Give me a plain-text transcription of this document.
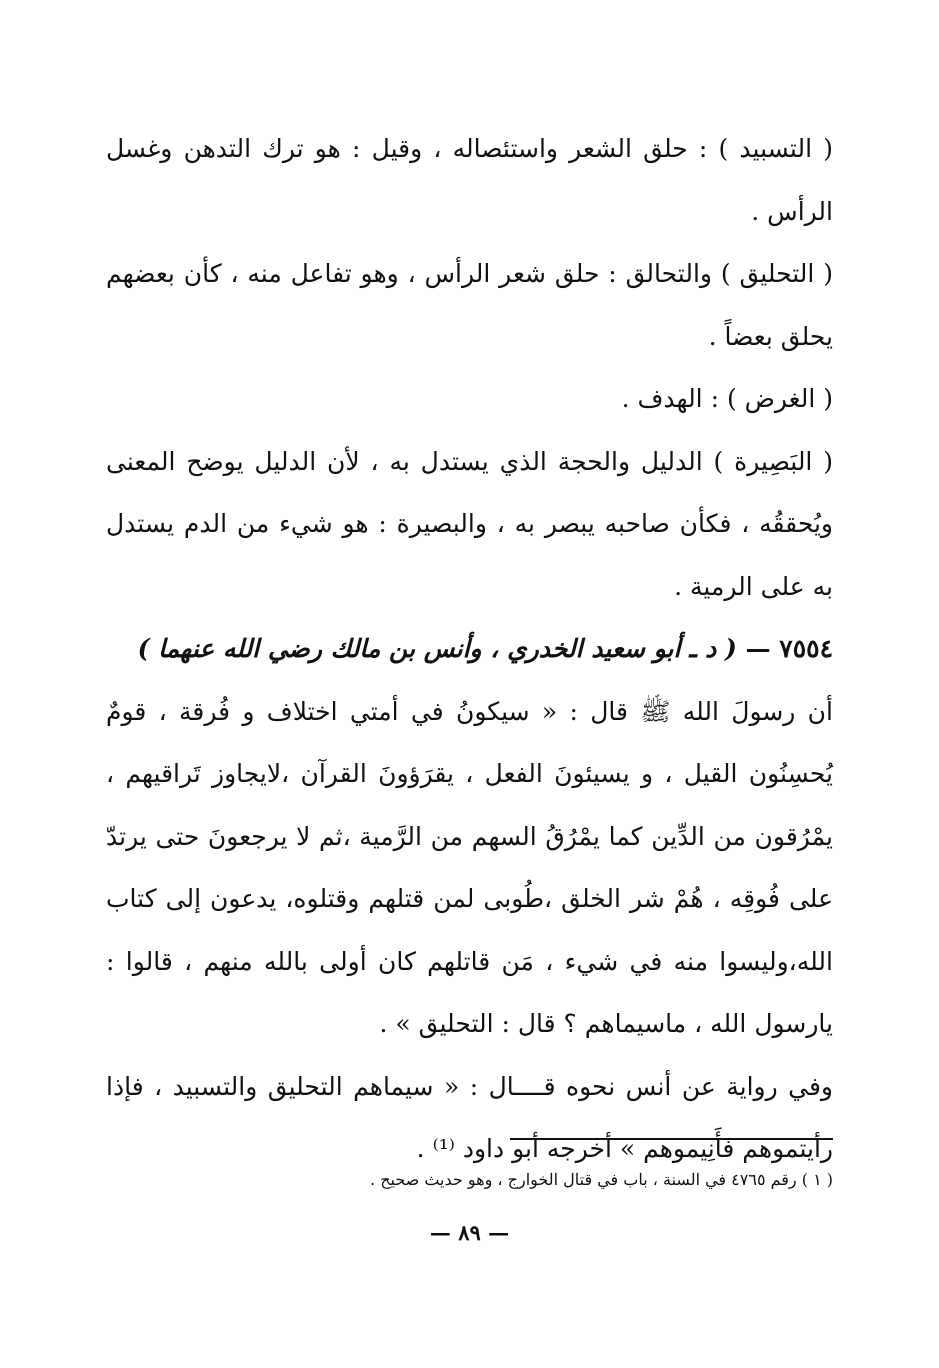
( التسبيد ) : حلق الشعر واستئصاله ، وقيل : هو ترك التدهن وغسل الرأس .

( التحليق ) والتحالق : حلق شعر الرأس ، وهو تفاعل منه ، كأن بعضهم يحلق بعضاً .

( الغرض ) : الهدف .

( البَصِيرة ) الدليل والحجة الذي يستدل به ، لأن الدليل يوضح المعنى ويُحققُه ، فكأن صاحبه يبصر به ، والبصيرة : هو شيء من الدم يستدل به على الرمية .

٧٥٥٤ — ( د ـ أبو سعيد الخدري ، وأنس بن مالك رضي الله عنهما )

أن رسولَ الله ﷺ قال : « سيكونُ في أمتي اختلاف و فُرقة ، قومٌ يُحسِنُون القيل ، و يسيئونَ الفعل ، يقرَؤونَ القرآن ،لايجاوز تَراقيهم ، يمْرُقون من الدِّين كما يمْرُقُ السهم من الرَّمية ،ثم لا يرجعونَ حتى يرتدّ على فُوقِه ، هُمْ شر الخلق ،طُوبى لمن قتلهم وقتلوه، يدعون إلى كتاب الله،وليسوا منه في شيء ، مَن قاتلهم كان أولى بالله منهم ، قالوا : يارسول الله ، ماسيماهم ؟ قال : التحليق » .

وفي رواية عن أنس نحوه قــــال : « سيماهم التحليق والتسبيد ، فإذا رأيتموهم فأَنِيموهم » أخرجه أبو داود ⁽¹⁾ .

( ١ ) رقم ٤٧٦٥ في السنة ، باب في قتال الخوارج ، وهو حديث صحيح .
— ٨٩ —
